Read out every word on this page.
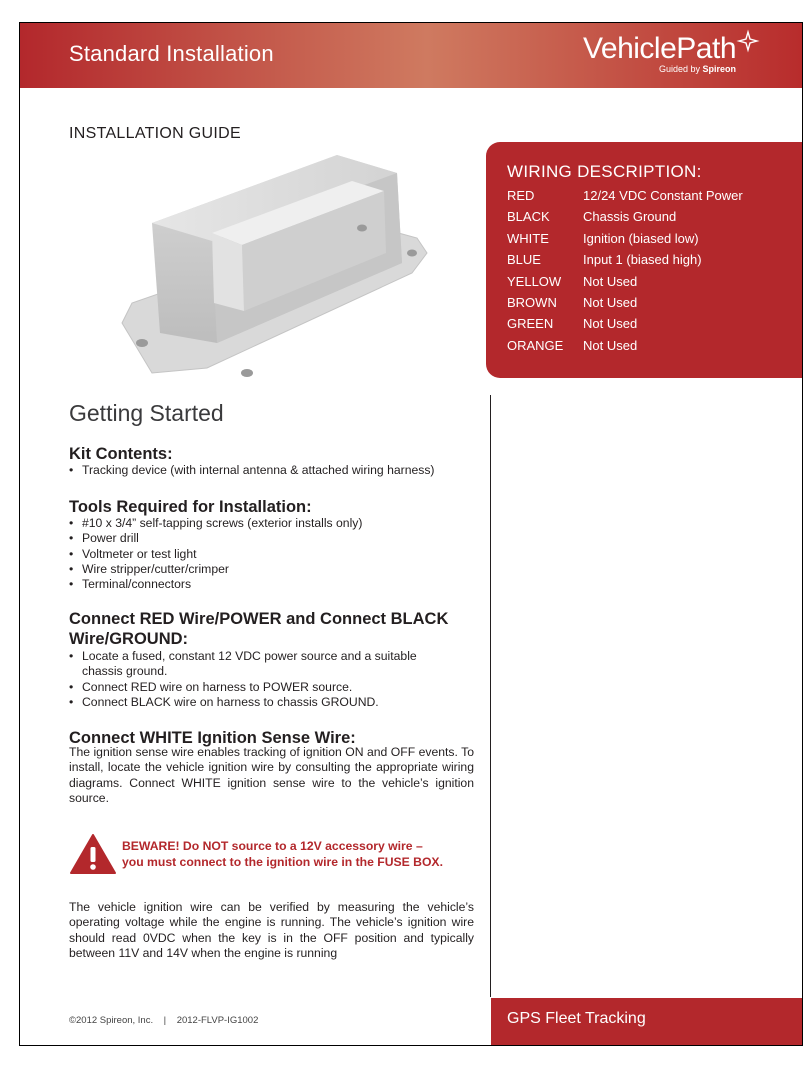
Standard Installation	VehiclePath
Guided by Spireon
INSTALLATION GUIDE
WIRING DESCRIPTION:
RED	12/24 VDC Constant Power
BLACK	Chassis Ground
WHITE	Ignition (biased low)
BLUE	Input 1 (biased high)
YELLOW Not Used
BROWN Not Used
GREEN Not Used
ORANGE Not Used
Getting Started
Kit Contents:
• Tracking device (with internal antenna & attached wiring harness)
Tools Required for Installation:
• #10 x 3/4” self-tapping screws (exterior installs only)
• Power drill
• Voltmeter or test light
• Wire stripper/cutter/crimper
• Terminal/connectors
Connect RED Wire/POWER and Connect BLACK
Wire/GROUND:
• Locate a fused, constant 12 VDC power source and a suitable
chassis ground.
• Connect RED wire on harness to POWER source.
• Connect BLACK wire on harness to chassis GROUND.
Connect WHITE Ignition Sense Wire:
The ignition sense wire enables tracking of ignition ON and OFF events. To install, locate the vehicle ignition wire by consulting the appropriate wiring diagrams. Connect WHITE ignition sense wire to the vehicle’s ignition source.
BEWARE! Do NOT source to a 12V accessory wire –
you must connect to the ignition wire in the FUSE BOX.
The vehicle ignition wire can be verified by measuring the vehicle’s operating voltage while the engine is running. The vehicle’s ignition wire should read 0VDC when the key is in the OFF position and typically between 11V and 14V when the engine is running
©2012 Spireon, Inc.    |    2012-FLVP-IG1002	GPS Fleet Tracking
